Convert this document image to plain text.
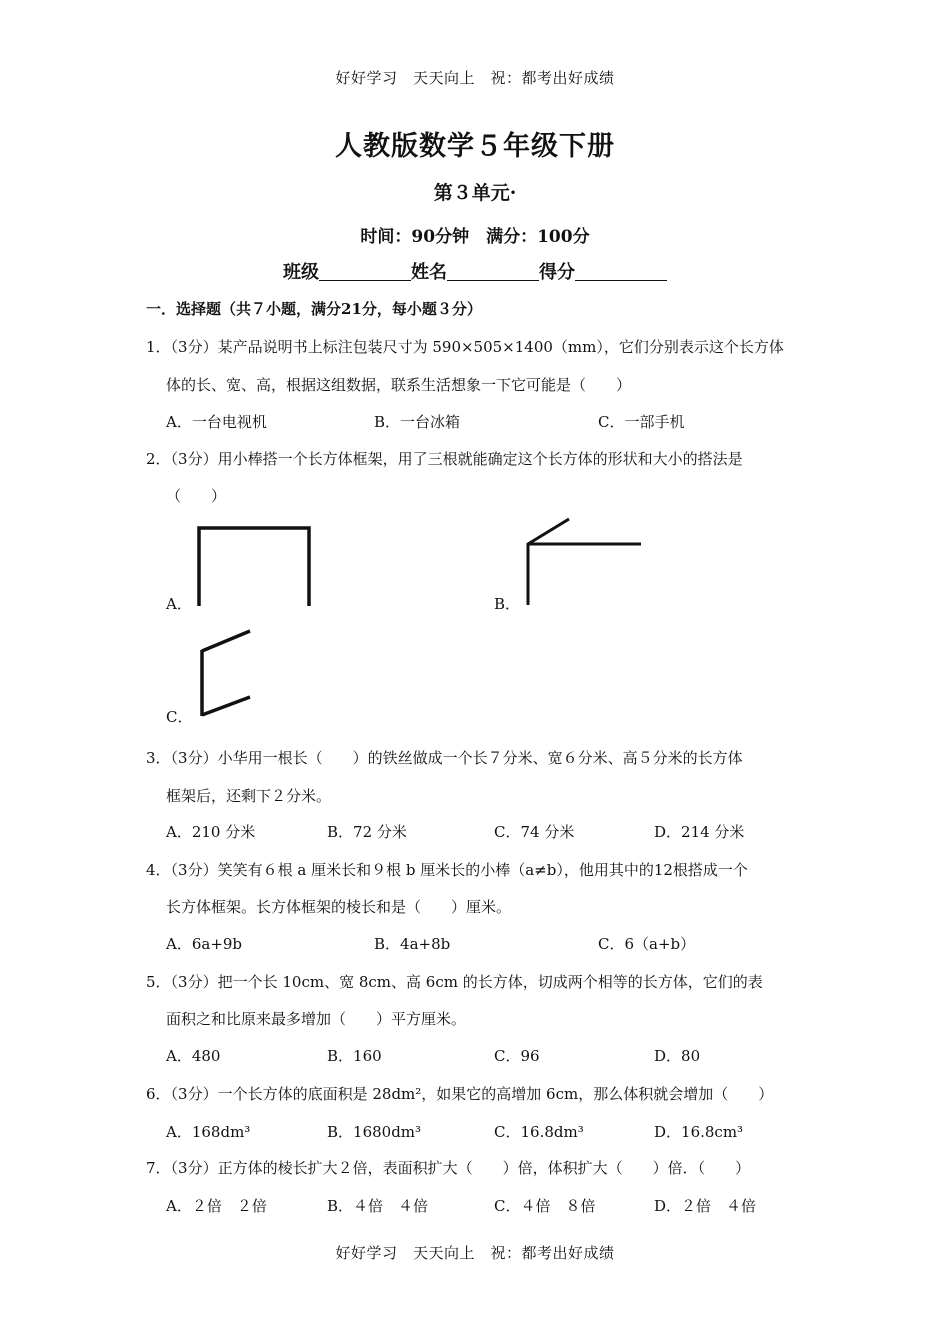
好好学习　天天向上　祝：都考出好成绩
人教版数学５年级下册
第３单元·
时间：90分钟　满分：100分
班级	姓名	得分
一．选择题（共７小题，满分21分，每小题３分）
1．（3分）某产品说明书上标注包装尺寸为 590×505×1400（mm），它们分别表示这个长方体
体的长、宽、高，根据这组数据，联系生活想象一下它可能是（　　）
A．一台电视机	B．一台冰箱	C．一部手机
2．（3分）用小棒搭一个长方体框架，用了三根就能确定这个长方体的形状和大小的搭法是
（　　）
A．	B．
C．
3．（3分）小华用一根长（　　）的铁丝做成一个长７分米、宽６分米、高５分米的长方体
框架后，还剩下２分米。
A．210 分米	B．72 分米	C．74 分米	D．214 分米
4．（3分）笑笑有６根 a 厘米长和９根 b 厘米长的小棒（a≠b），他用其中的12根搭成一个
长方体框架。长方体框架的棱长和是（　　）厘米。
A．6a+9b	B．4a+8b	C．6（a+b）
5．（3分）把一个长 10cm、宽 8cm、高 6cm 的长方体，切成两个相等的长方体，它们的表
面积之和比原来最多增加（　　）平方厘米。
A．480	B．160	C．96	D．80
6．（3分）一个长方体的底面积是 28dm²，如果它的高增加 6cm，那么体积就会增加（　　）
A．168dm³	B．1680dm³	C．16.8dm³	D．16.8cm³
7．（3分）正方体的棱长扩大２倍，表面积扩大（　　）倍，体积扩大（　　）倍．（　　）
A．２倍　２倍	B．４倍　４倍	C．４倍　８倍	D．２倍　４倍
好好学习　天天向上　祝：都考出好成绩
